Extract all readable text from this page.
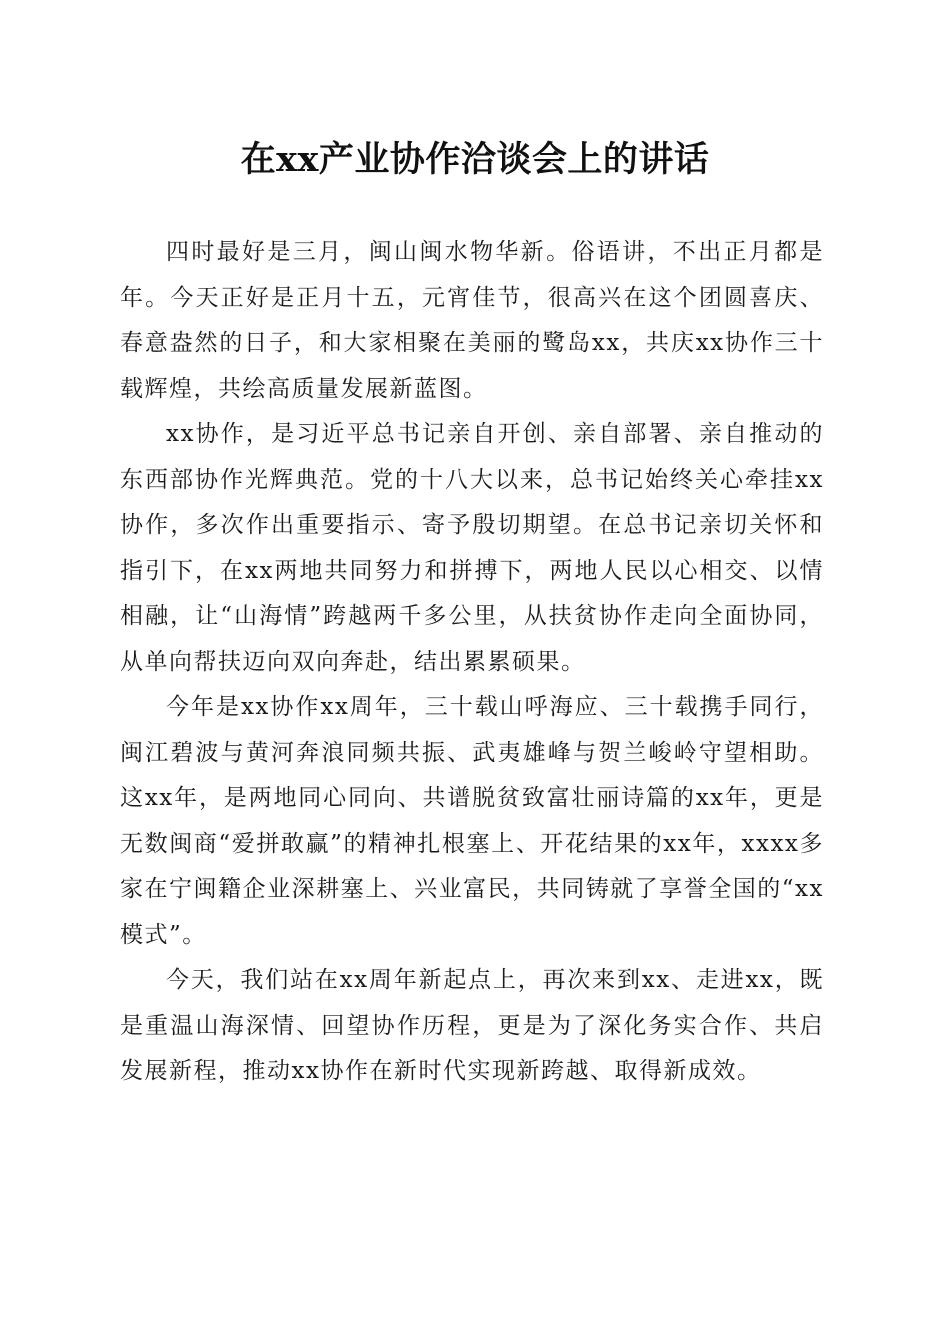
在xx产业协作洽谈会上的讲话

四时最好是三月，闽山闽水物华新。俗语讲，不出正月都是年。今天正好是正月十五，元宵佳节，很高兴在这个团圆喜庆、春意盎然的日子，和大家相聚在美丽的鹭岛xx，共庆xx协作三十载辉煌，共绘高质量发展新蓝图。

xx协作，是习近平总书记亲自开创、亲自部署、亲自推动的东西部协作光辉典范。党的十八大以来，总书记始终关心牵挂xx协作，多次作出重要指示、寄予殷切期望。在总书记亲切关怀和指引下，在xx两地共同努力和拼搏下，两地人民以心相交、以情相融，让“山海情”跨越两千多公里，从扶贫协作走向全面协同，从单向帮扶迈向双向奔赴，结出累累硕果。

今年是xx协作xx周年，三十载山呼海应、三十载携手同行，闽江碧波与黄河奔浪同频共振、武夷雄峰与贺兰峻岭守望相助。这xx年，是两地同心同向、共谱脱贫致富壮丽诗篇的xx年，更是无数闽商“爱拼敢赢”的精神扎根塞上、开花结果的xx年，xxxx多家在宁闽籍企业深耕塞上、兴业富民，共同铸就了享誉全国的“xx模式”。

今天，我们站在xx周年新起点上，再次来到xx、走进xx，既是重温山海深情、回望协作历程，更是为了深化务实合作、共启发展新程，推动xx协作在新时代实现新跨越、取得新成效。
